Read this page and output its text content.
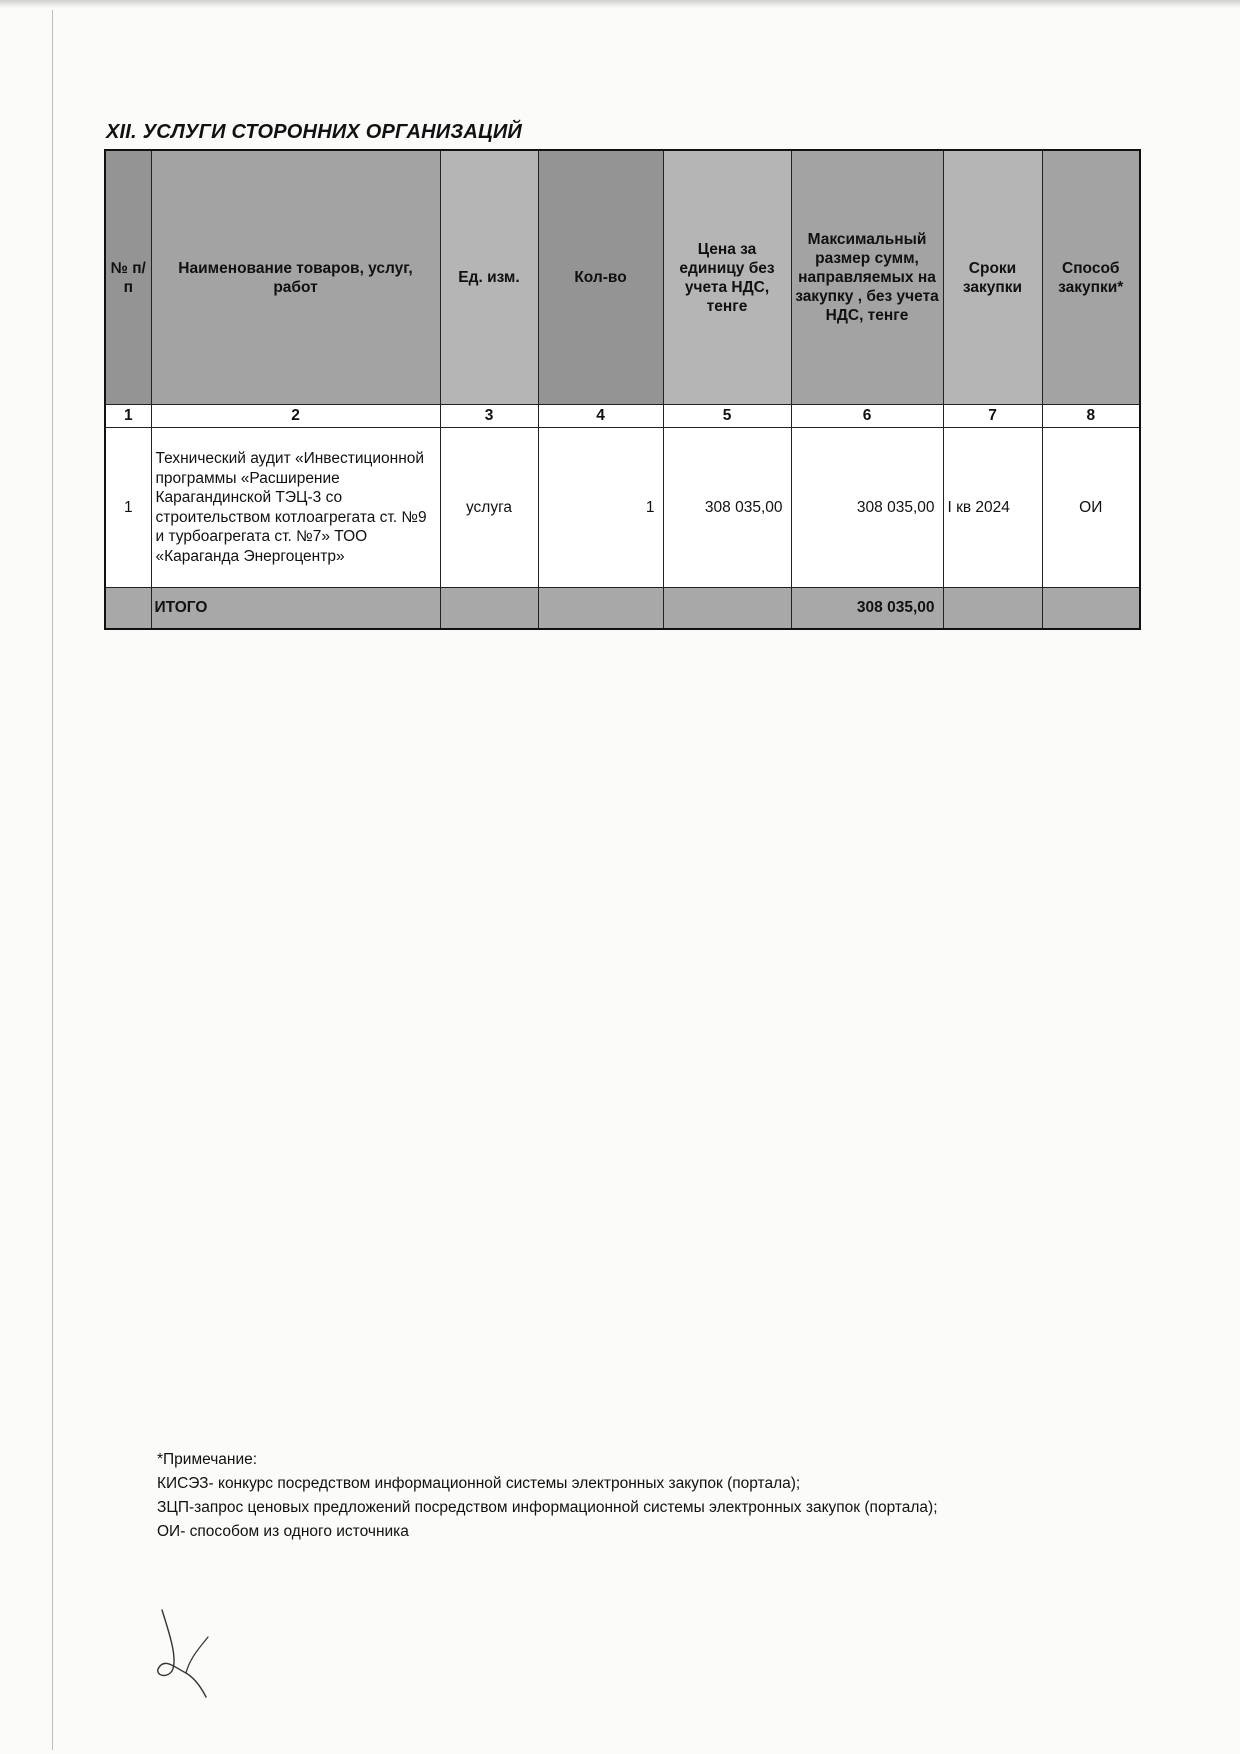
XII. УСЛУГИ СТОРОННИХ ОРГАНИЗАЦИЙ
№ п/п	Наименование товаров, услуг, работ	Ед. изм.	Кол-во	Цена за единицу без учета НДС, тенге	Максимальный размер сумм, направляемых на закупку , без учета НДС, тенге	Сроки закупки	Способ закупки*
1	2	3	4	5	6	7	8
1	Технический аудит «Инвестиционной программы «Расширение Карагандинской ТЭЦ-3 со строительством котлоагрегата ст. №9 и турбоагрегата ст. №7» ТОО «Караганда Энергоцентр»	услуга	1	308 035,00	308 035,00	I кв 2024	ОИ
	ИТОГО				308 035,00		
*Примечание:
КИСЭЗ- конкурс посредством информационной системы электронных закупок (портала);
ЗЦП-запрос ценовых предложений посредством информационной системы электронных закупок (портала);
ОИ- способом из одного источника
